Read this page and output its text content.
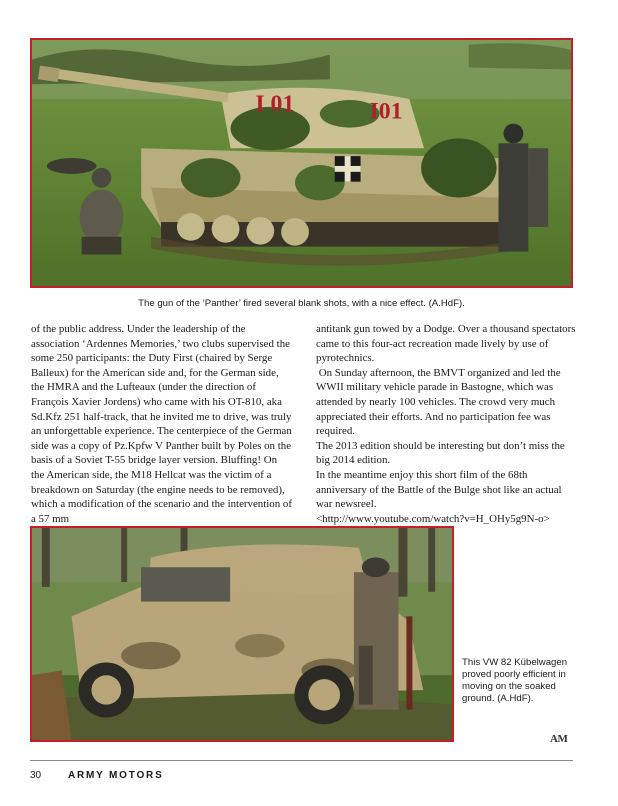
I 01	I01
The gun of the ‘Panther’ fired several blank shots, with a nice effect. (A.HdF).

of the public address. Under the leadership of the association ‘Ardennes Memories,’ two clubs supervised the some 250 participants: the Duty First (chaired by Serge Balleux) for the American side and, for the German side, the HMRA and the Lufteaux (under the direction of François Xavier Jordens) who came with his OT-810, aka Sd.Kfz 251 half-track, that he invited me to drive, was truly an unforgettable experience. The centerpiece of the German side was a copy of Pz.Kpfw V Panther built by Poles on the basis of a Soviet T-55 bridge layer version. Bluffing! On the American side, the M18 Hellcat was the victim of a breakdown on Saturday (the engine needs to be removed), which a modification of the scenario and the intervention of a 57 mm

antitank gun towed by a Dodge. Over a thousand spectators came to this four-act recreation made lively by use of pyrotechnics.

On Sunday afternoon, the BMVT organized and led the WWII military vehicle parade in Bastogne, which was attended by nearly 100 vehicles. The crowd very much appreciated their efforts. And no participation fee was required.

The 2013 edition should be interesting but don’t miss the big 2014 edition.

In the meantime enjoy this short film of the 68th anniversary of the Battle of the Bulge shot like an actual war newsreel.

<http://www.youtube.com/watch?v=H_OHy5g9N-o>

This VW 82 Kübelwagen proved poorly efficient in moving on the soaked ground. (A.HdF).
AM
30	ARMY MOTORS
